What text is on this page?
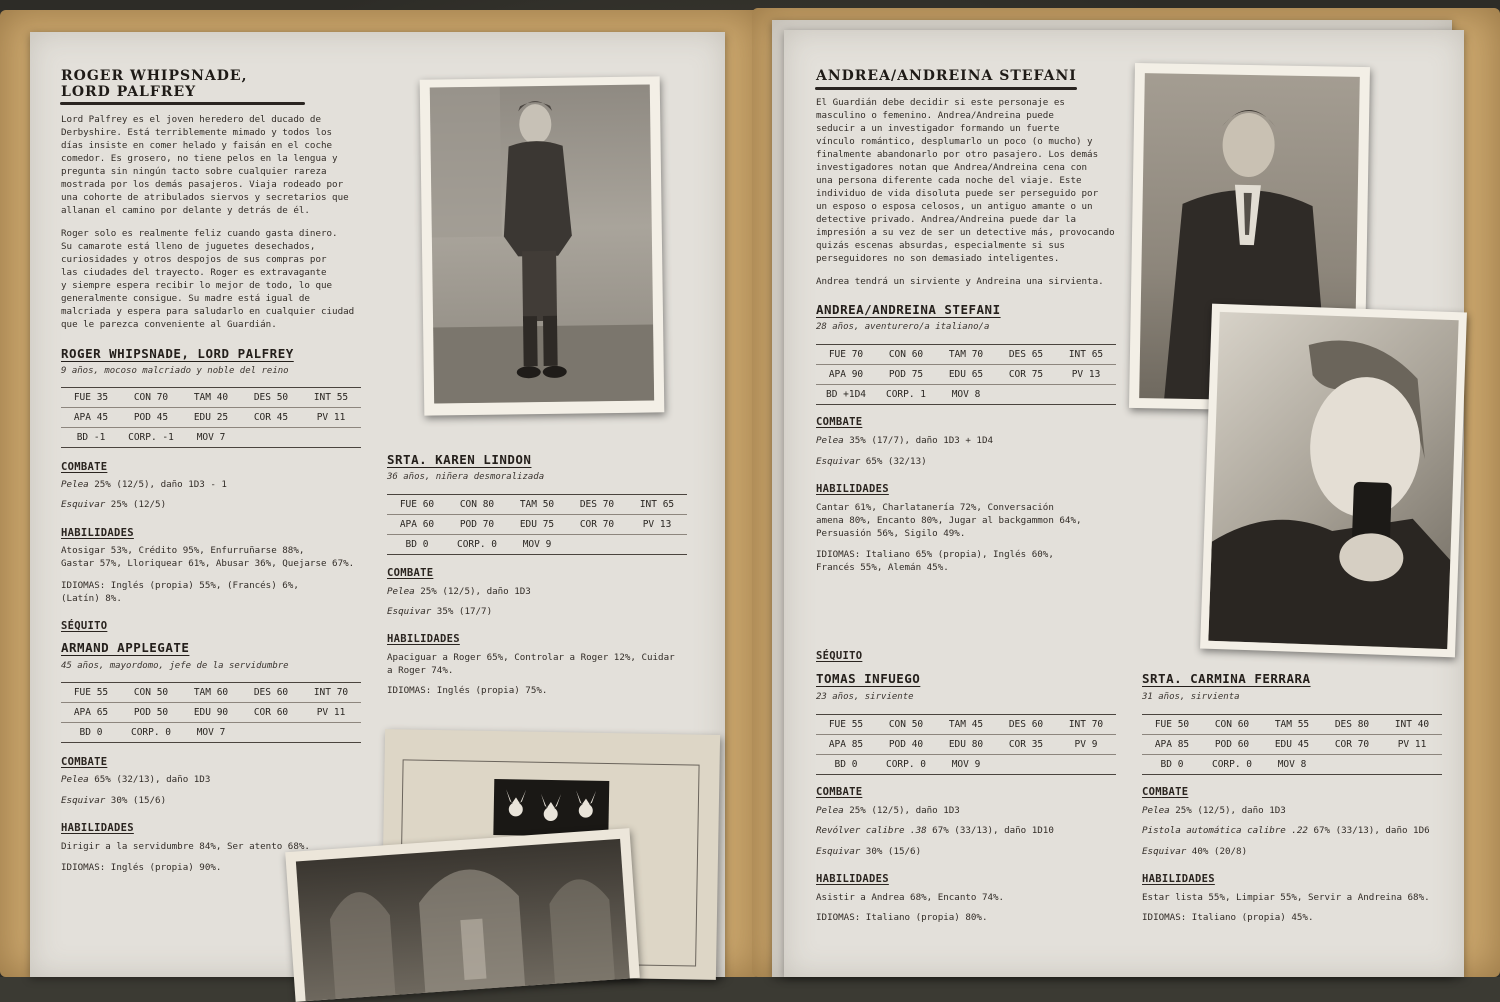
ROGER WHIPSNADE,
LORD PALFREY
Lord Palfrey es el joven heredero del ducado de
Derbyshire. Está terriblemente mimado y todos los
días insiste en comer helado y faisán en el coche
comedor. Es grosero, no tiene pelos en la lengua y
pregunta sin ningún tacto sobre cualquier rareza
mostrada por los demás pasajeros. Viaja rodeado por
una cohorte de atribulados siervos y secretarios que
allanan el camino por delante y detrás de él.
Roger solo es realmente feliz cuando gasta dinero.
Su camarote está lleno de juguetes desechados,
curiosidades y otros despojos de sus compras por
las ciudades del trayecto. Roger es extravagante
y siempre espera recibir lo mejor de todo, lo que
generalmente consigue. Su madre está igual de
malcriada y espera para saludarlo en cualquier ciudad
que le parezca conveniente al Guardián.
ROGER WHIPSNADE, LORD PALFREY
9 años, mocoso malcriado y noble del reino
FUE 35	CON 70	TAM 40	DES 50	INT 55
APA 45	POD 45	EDU 25	COR 45	PV 11
BD -1	CORP. -1	MOV 7
COMBATE
Pelea 25% (12/5), daño 1D3 - 1
Esquivar 25% (12/5)
HABILIDADES
Atosigar 53%, Crédito 95%, Enfurruñarse 88%,
Gastar 57%, Lloriquear 61%, Abusar 36%, Quejarse 67%.
IDIOMAS: Inglés (propia) 55%, (Francés) 6%,
(Latín) 8%.
SÉQUITO
ARMAND APPLEGATE
45 años, mayordomo, jefe de la servidumbre
FUE 55	CON 50	TAM 60	DES 60	INT 70
APA 65	POD 50	EDU 90	COR 60	PV 11
BD 0	CORP. 0	MOV 7
COMBATE
Pelea 65% (32/13), daño 1D3
Esquivar 30% (15/6)
HABILIDADES
Dirigir a la servidumbre 84%, Ser atento 68%.
IDIOMAS: Inglés (propia) 90%.
SRTA. KAREN LINDON
36 años, niñera desmoralizada
FUE 60	CON 80	TAM 50	DES 70	INT 65
APA 60	POD 70	EDU 75	COR 70	PV 13
BD 0	CORP. 0	MOV 9
COMBATE
Pelea 25% (12/5), daño 1D3
Esquivar 35% (17/7)
HABILIDADES
Apaciguar a Roger 65%, Controlar a Roger 12%, Cuidar
a Roger 74%.
IDIOMAS: Inglés (propia) 75%.
ANDREA/ANDREINA STEFANI
El Guardián debe decidir si este personaje es
masculino o femenino. Andrea/Andreina puede
seducir a un investigador formando un fuerte
vínculo romántico, desplumarlo un poco (o mucho) y
finalmente abandonarlo por otro pasajero. Los demás
investigadores notan que Andrea/Andreina cena con
una persona diferente cada noche del viaje. Este
individuo de vida disoluta puede ser perseguido por
un esposo o esposa celosos, un antiguo amante o un
detective privado. Andrea/Andreina puede dar la
impresión a su vez de ser un detective más, provocando
quizás escenas absurdas, especialmente si sus
perseguidores no son demasiado inteligentes.
Andrea tendrá un sirviente y Andreina una sirvienta.
ANDREA/ANDREINA STEFANI
28 años, aventurero/a italiano/a
FUE 70	CON 60	TAM 70	DES 65	INT 65
APA 90	POD 75	EDU 65	COR 75	PV 13
BD +1D4	CORP. 1	MOV 8
COMBATE
Pelea 35% (17/7), daño 1D3 + 1D4
Esquivar 65% (32/13)
HABILIDADES
Cantar 61%, Charlatanería 72%, Conversación
amena 80%, Encanto 80%, Jugar al backgammon 64%,
Persuasión 56%, Sigilo 49%.
IDIOMAS: Italiano 65% (propia), Inglés 60%,
Francés 55%, Alemán 45%.
SÉQUITO
TOMAS INFUEGO
23 años, sirviente
FUE 55	CON 50	TAM 45	DES 60	INT 70
APA 85	POD 40	EDU 80	COR 35	PV 9
BD 0	CORP. 0	MOV 9
COMBATE
Pelea 25% (12/5), daño 1D3
Revólver calibre .38 67% (33/13), daño 1D10
Esquivar 30% (15/6)
HABILIDADES
Asistir a Andrea 68%, Encanto 74%.
IDIOMAS: Italiano (propia) 80%.
SRTA. CARMINA FERRARA
31 años, sirvienta
FUE 50	CON 60	TAM 55	DES 80	INT 40
APA 85	POD 60	EDU 45	COR 70	PV 11
BD 0	CORP. 0	MOV 8
COMBATE
Pelea 25% (12/5), daño 1D3
Pistola automática calibre .22 67% (33/13), daño 1D6
Esquivar 40% (20/8)
HABILIDADES
Estar lista 55%, Limpiar 55%, Servir a Andreina 68%.
IDIOMAS: Italiano (propia) 45%.
